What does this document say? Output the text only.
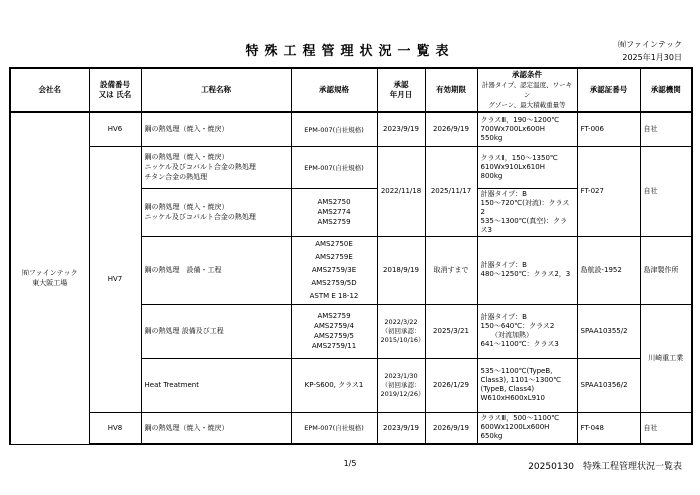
特殊工程管理状況一覧表	㈲ファインテック
2025年1月30日
会社名	設備番号
又は 氏名	工程名称	承認規格	承認
年月日	有効期限	承認条件
計器タイプ、認定温度、ワーキン
グゾーン、最大積載重量等	承認証番号	承認機関
㈲ファインテック
東大阪工場	HV6	鋼の熱処理（焼入・焼戻）	EPM-007(自社規格)	2023/9/19	2026/9/19	クラスⅢ，190～1200℃
700Wx700Lx600H
550kg	FT-006	自社
	HV7	鋼の熱処理（焼入・焼戻）
ニッケル及びコバルト合金の熱処理
チタン合金の熱処理	EPM-007(自社規格)	2022/11/18	2025/11/17	クラスⅡ，150～1350℃
610Wx910Lx610H
800kg	FT-027	自社
		鋼の熱処理（焼入・焼戻）
ニッケル及びコバルト合金の熱処理	AMS2750
AMS2774
AMS2759			計器タイプ：B
150～720℃(対流)：クラス2
535～1300℃(真空)：クラス3		
		鋼の熱処理　設備・工程	AMS2750E
AMS2759E
AMS2759/3E
AMS2759/5D
ASTM E 18-12	2018/9/19	取消すまで	計器タイプ：B
480～1250℃：クラス2，3	島航設-1952	島津製作所
		鋼の熱処理 設備及び工程	AMS2759
AMS2759/4
AMS2759/5
AMS2759/11	2022/3/22
（初回承認：
2015/10/16）	2025/3/21	計器タイプ：B
150～640℃：クラス2
　　（対流加熱）
641～1100℃：クラス3	SPAA10355/2	川崎重工業
		Heat Treatment	KP-S600, クラス1	2023/1/30
（初回承認：
2019/12/26）	2026/1/29	535～1100℃(TypeB,
Class3), 1101～1300℃
(TypeB, Class4)
W610xH600xL910	SPAA10356/2	

	HV8	鋼の熱処理（焼入・焼戻）	EPM-007(自社規格)	2023/9/19	2026/9/19	クラスⅢ，500～1100℃
600Wx1200Lx600H
650kg	FT-048	自社
1/5	20250130　特殊工程管理状況一覧表
